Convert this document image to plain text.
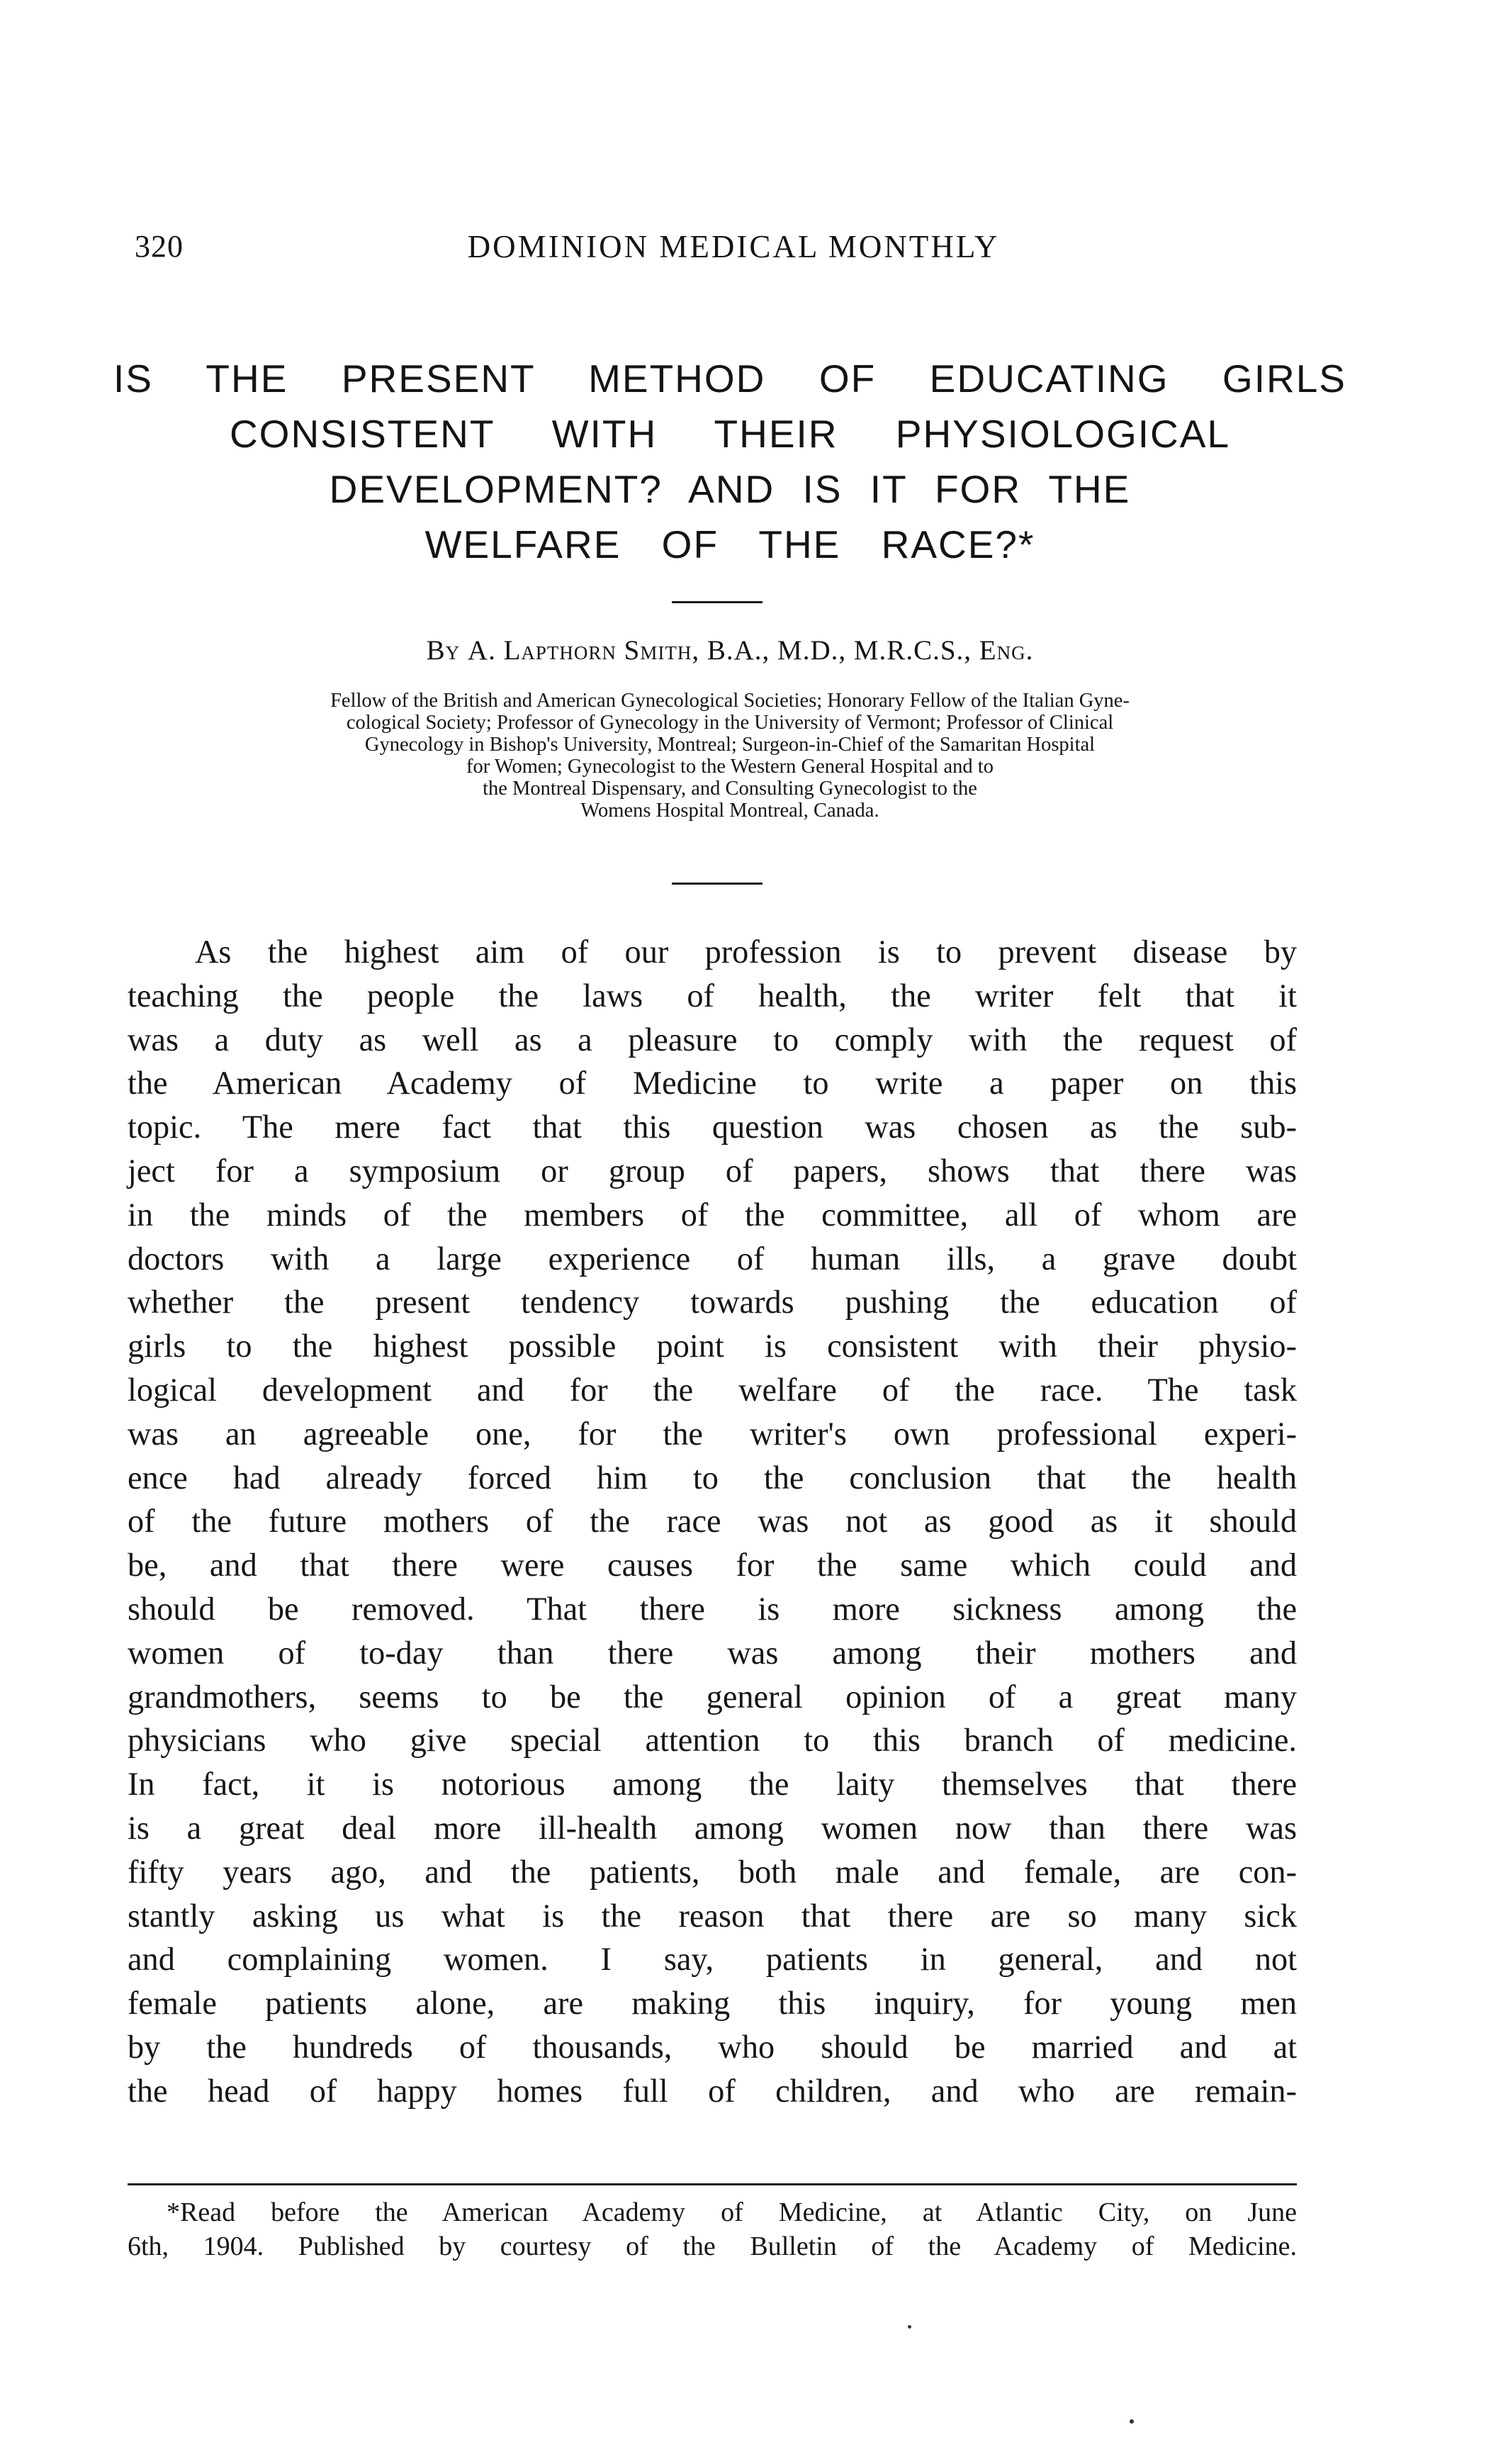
320	DOMINION MEDICAL MONTHLY
IS THE PRESENT METHOD OF EDUCATING GIRLS
CONSISTENT WITH THEIR PHYSIOLOGICAL
DEVELOPMENT? AND IS IT FOR THE
WELFARE OF THE RACE?*
By A. Lapthorn Smith, B.A., M.D., M.R.C.S., Eng.
Fellow of the British and American Gynecological Societies; Honorary Fellow of the Italian Gyne-
cological Society; Professor of Gynecology in the University of Vermont; Professor of Clinical
Gynecology in Bishop's University, Montreal; Surgeon-in-Chief of the Samaritan Hospital
for Women; Gynecologist to the Western General Hospital and to
the Montreal Dispensary, and Consulting Gynecologist to the
Womens Hospital Montreal, Canada.
As the highest aim of our profession is to prevent disease by
teaching the people the laws of health, the writer felt that it
was a duty as well as a pleasure to comply with the request of
the American Academy of Medicine to write a paper on this
topic. The mere fact that this question was chosen as the sub-
ject for a symposium or group of papers, shows that there was
in the minds of the members of the committee, all of whom are
doctors with a large experience of human ills, a grave doubt
whether the present tendency towards pushing the education of
girls to the highest possible point is consistent with their physio-
logical development and for the welfare of the race. The task
was an agreeable one, for the writer's own professional experi-
ence had already forced him to the conclusion that the health
of the future mothers of the race was not as good as it should
be, and that there were causes for the same which could and
should be removed. That there is more sickness among the
women of to-day than there was among their mothers and
grandmothers, seems to be the general opinion of a great many
physicians who give special attention to this branch of medicine.
In fact, it is notorious among the laity themselves that there
is a great deal more ill-health among women now than there was
fifty years ago, and the patients, both male and female, are con-
stantly asking us what is the reason that there are so many sick
and complaining women. I say, patients in general, and not
female patients alone, are making this inquiry, for young men
by the hundreds of thousands, who should be married and at
the head of happy homes full of children, and who are remain-
*Read before the American Academy of Medicine, at Atlantic City, on June
6th, 1904. Published by courtesy of the Bulletin of the Academy of Medicine.
